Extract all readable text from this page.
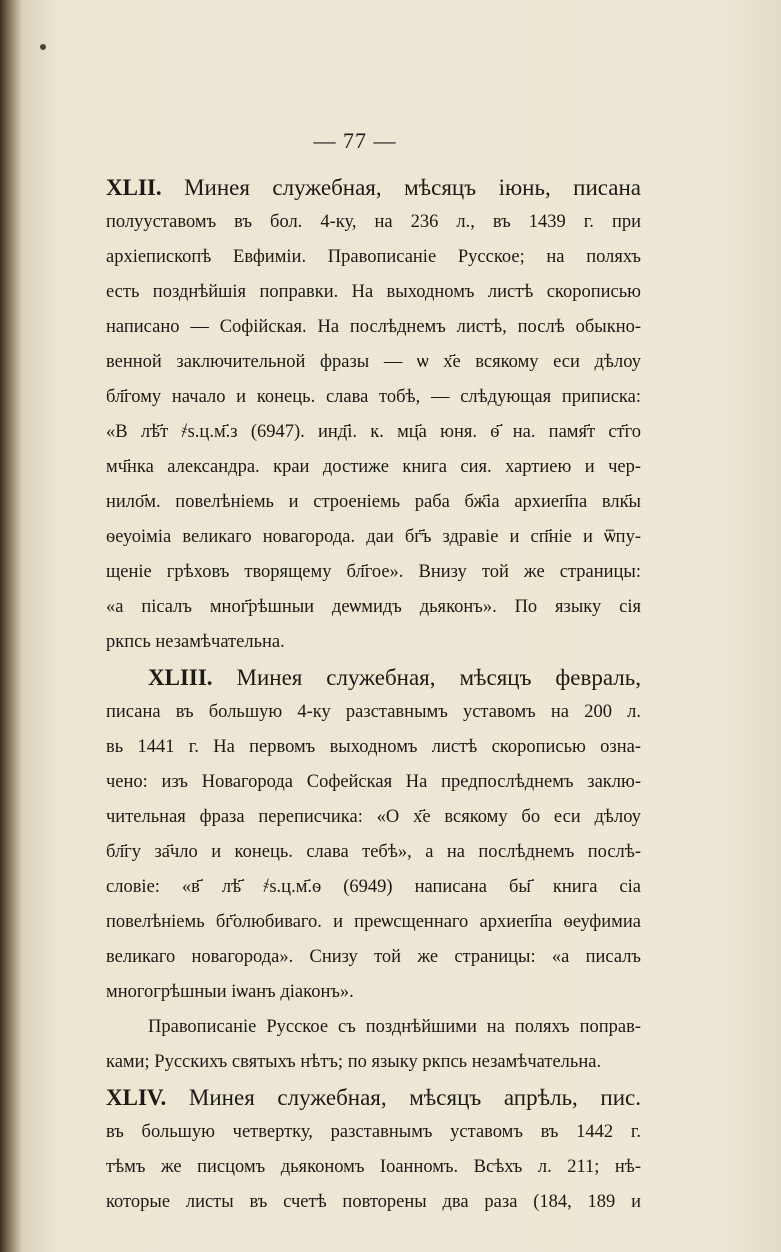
— 77 —
XLII. Минея служебная, мѣсяцъ іюнь, писана
полууставомъ въ бол. 4-ку, на 236 л., въ 1439 г. при
архіепископѣ Евфиміи. Правописаніе Русское; на поляхъ
есть позднѣйшія поправки. На выходномъ листѣ скорописью
написано — Софійская. На послѣднемъ листѣ, послѣ обыкно-
венной заключительной фразы — ѡ х҃е всякому еси дѣлоу
бл҃гому начало и конець. слава тобѣ, — слѣдующая приписка:
«В лѣ҃т ҂ѕ.ц.м҃.з (6947). инд҃і. к. мц҃а юня. ѳ҃ на. памя҃т ст҃го
мч҃нка александра. краи достиже книга сия. хартиею и чер-
нило҃м. повелѣніемь и строеніемь раба бж҃іа архиеп҃па влк҃ы
ѳеуоіміа великаго новагорода. даи бг҃ъ здравіе и сп҃ніе и ѿпу-
щеніе грѣховъ творящему бл҃гое». Внизу той же страницы:
«а пісалъ мног҃рѣшныи деѡмидъ дьяконъ». По языку сія
ркпсь незамѣчательна.
XLIII. Минея служебная, мѣсяцъ февраль,
писана въ большую 4-ку разставнымъ уставомъ на 200 л.
вь 1441 г. На первомъ выходномъ листѣ скорописью озна-
чено: изъ Новагорода Софейская На предпослѣднемъ заклю-
чительная фраза переписчика: «О х҃е всякому бо еси дѣлоу
бл҃гу за҃чло и конець. слава тебѣ», а на послѣднемъ послѣ-
словіе: «в҃ лѣ҃ ҂ѕ.ц.м҃.ѳ (6949) написана бы҃ книга сіа
повелѣніемь бг҃олюбиваго. и преѡсщеннаго архиеп҃па ѳеуфимиа
великаго новагорода». Снизу той же страницы: «а писалъ
многогрѣшныи іѡанъ діаконъ».
Правописаніе Русское съ позднѣйшими на поляхъ поправ-
ками; Русскихъ святыхъ нѣтъ; по языку ркпсь незамѣчательна.
XLIV. Минея служебная, мѣсяцъ апрѣль, пис.
въ большую четвертку, разставнымъ уставомъ въ 1442 г.
тѣмъ же писцомъ дьякономъ Іоанномъ. Всѣхъ л. 211; нѣ-
которые листы въ счетѣ повторены два раза (184, 189 и
